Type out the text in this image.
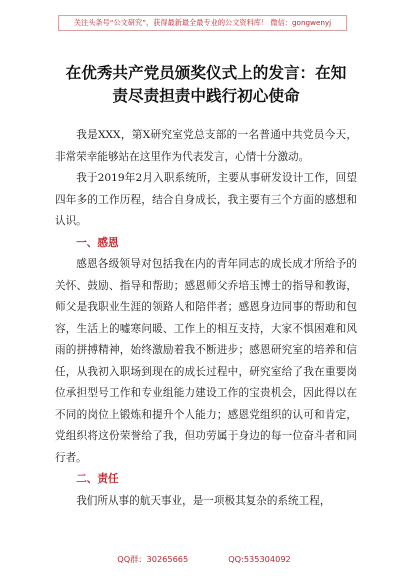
关注头条号“公文研究”，获得最新最全最专业的公文资料库！ 微信：gongwenyj
在优秀共产党员颁奖仪式上的发言：在知
责尽责担责中践行初心使命

我是XXX，第X研究室党总支部的一名普通中共党员今天，非常荣幸能够站在这里作为代表发言，心情十分激动。

我于2019年2月入职系统所，主要从事研发设计工作，回望四年多的工作历程，结合自身成长，我主要有三个方面的感想和认识。

一、感恩

感恩各级领导对包括我在内的青年同志的成长成才所给予的关怀、鼓励、指导和帮助；感恩师父乔培玉博士的指导和教诲，师父是我职业生涯的领路人和陪伴者；感恩身边同事的帮助和包容，生活上的嘘寒问暖、工作上的相互支持，大家不惧困难和风雨的拼搏精神，始终激励着我不断进步；感恩研究室的培养和信任，从我初入职场到现在的成长过程中，研究室给了我在重要岗位承担型号工作和专业组能力建设工作的宝贵机会，因此得以在不同的岗位上锻炼和提升个人能力；感恩党组织的认可和肯定，党组织将这份荣誉给了我，但功劳属于身边的每一位奋斗者和同行者。

二、责任

我们所从事的航天事业，是一项极其复杂的系统工程，

QQ群：30265665	QQ:535304092
